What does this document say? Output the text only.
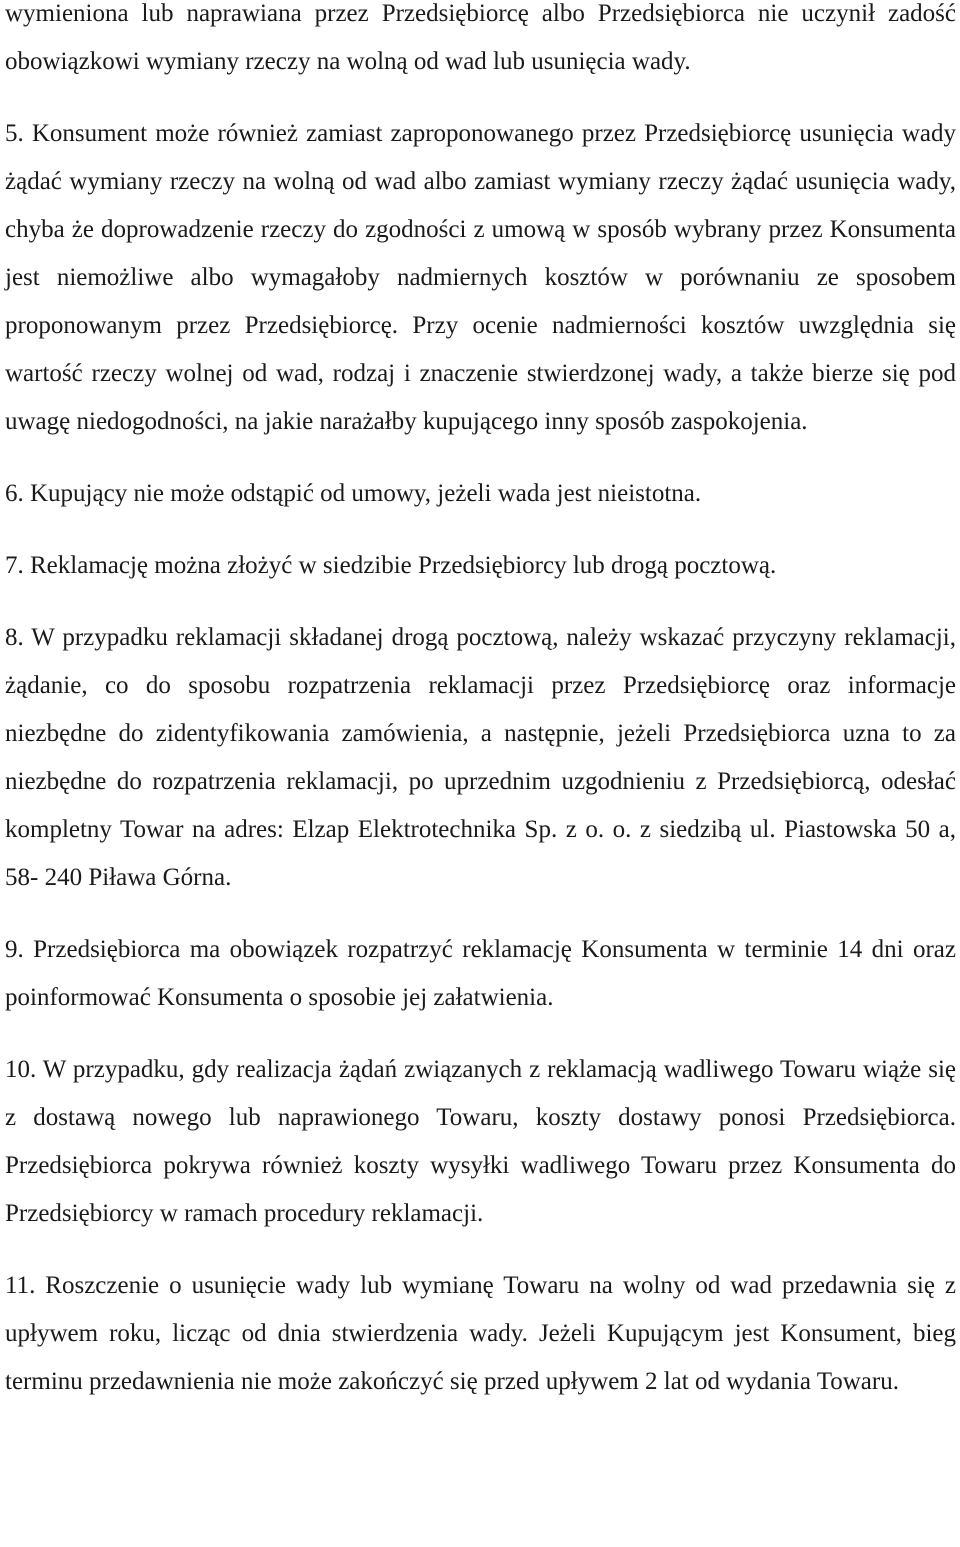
wymieniona lub naprawiana przez Przedsiębiorcę albo Przedsiębiorca nie uczynił zadość obowiązkowi wymiany rzeczy na wolną od wad lub usunięcia wady.

5. Konsument może również zamiast zaproponowanego przez Przedsiębiorcę usunięcia wady żądać wymiany rzeczy na wolną od wad albo zamiast wymiany rzeczy żądać usunięcia wady, chyba że doprowadzenie rzeczy do zgodności z umową w sposób wybrany przez Konsumenta jest niemożliwe albo wymagałoby nadmiernych kosztów w porównaniu ze sposobem proponowanym przez Przedsiębiorcę. Przy ocenie nadmierności kosztów uwzględnia się wartość rzeczy wolnej od wad, rodzaj i znaczenie stwierdzonej wady, a także bierze się pod uwagę niedogodności, na jakie narażałby kupującego inny sposób zaspokojenia.

6. Kupujący nie może odstąpić od umowy, jeżeli wada jest nieistotna.

7. Reklamację można złożyć w siedzibie Przedsiębiorcy lub drogą pocztową.

8. W przypadku reklamacji składanej drogą pocztową, należy wskazać przyczyny reklamacji, żądanie, co do sposobu rozpatrzenia reklamacji przez Przedsiębiorcę oraz informacje niezbędne do zidentyfikowania zamówienia, a następnie, jeżeli Przedsiębiorca uzna to za niezbędne do rozpatrzenia reklamacji, po uprzednim uzgodnieniu z Przedsiębiorcą, odesłać kompletny Towar na adres: Elzap Elektrotechnika Sp. z o. o. z siedzibą ul. Piastowska 50 a, 58- 240 Piława Górna.

9. Przedsiębiorca ma obowiązek rozpatrzyć reklamację Konsumenta w terminie 14 dni oraz poinformować Konsumenta o sposobie jej załatwienia.

10. W przypadku, gdy realizacja żądań związanych z reklamacją wadliwego Towaru wiąże się z dostawą nowego lub naprawionego Towaru, koszty dostawy ponosi Przedsiębiorca. Przedsiębiorca pokrywa również koszty wysyłki wadliwego Towaru przez Konsumenta do Przedsiębiorcy w ramach procedury reklamacji.

11. Roszczenie o usunięcie wady lub wymianę Towaru na wolny od wad przedawnia się z upływem roku, licząc od dnia stwierdzenia wady. Jeżeli Kupującym jest Konsument, bieg terminu przedawnienia nie może zakończyć się przed upływem 2 lat od wydania Towaru.
